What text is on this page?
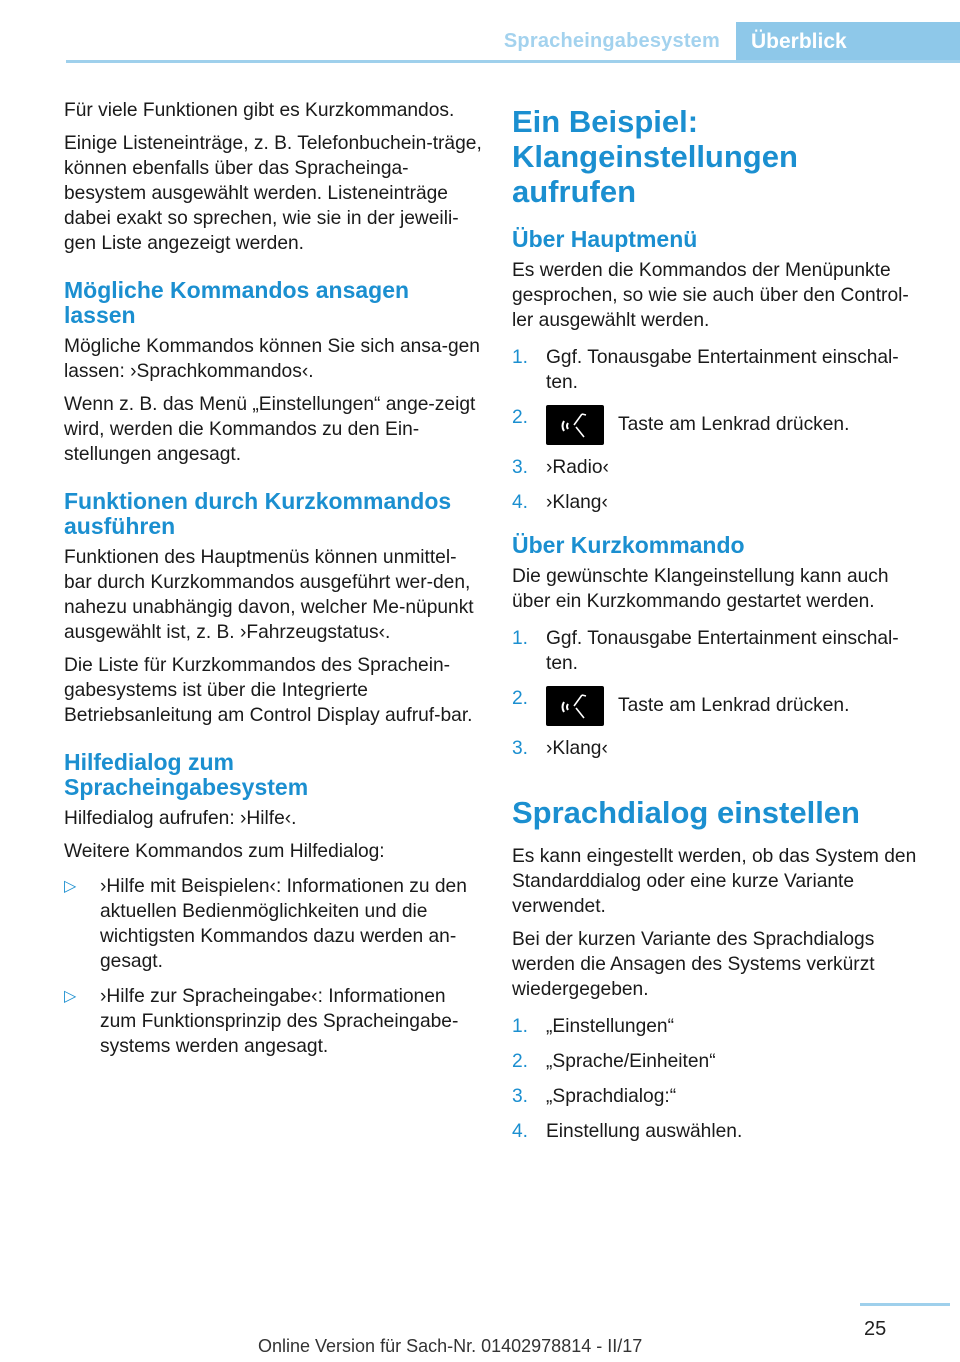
Spracheingabesystem	Überblick

Für viele Funktionen gibt es Kurzkommandos.

Einige Listeneinträge, z. B. Telefonbuchein-träge, können ebenfalls über das Spracheinga-besystem ausgewählt werden. Listeneinträge dabei exakt so sprechen, wie sie in der jeweili-gen Liste angezeigt werden.

Mögliche Kommandos ansagen lassen

Mögliche Kommandos können Sie sich ansa-gen lassen: ›Sprachkommandos‹.

Wenn z. B. das Menü „Einstellungen“ ange-zeigt wird, werden die Kommandos zu den Ein-stellungen angesagt.

Funktionen durch Kurzkommandos ausführen

Funktionen des Hauptmenüs können unmittel-bar durch Kurzkommandos ausgeführt wer-den, nahezu unabhängig davon, welcher Me-nüpunkt ausgewählt ist, z. B. ›Fahrzeugstatus‹.

Die Liste für Kurzkommandos des Sprachein-gabesystems ist über die Integrierte Betriebsanleitung am Control Display aufruf-bar.

Hilfedialog zum Spracheingabesystem

Hilfedialog aufrufen: ›Hilfe‹.

Weitere Kommandos zum Hilfedialog:

▷ ›Hilfe mit Beispielen‹: Informationen zu den aktuellen Bedienmöglichkeiten und die wichtigsten Kommandos dazu werden an-gesagt.
▷ ›Hilfe zur Spracheingabe‹: Informationen zum Funktionsprinzip des Spracheingabe-systems werden angesagt.
Ein Beispiel: Klangeinstellungen aufrufen
Über Hauptmenü

Es werden die Kommandos der Menüpunkte gesprochen, so wie sie auch über den Control-ler ausgewählt werden.

1. Ggf. Tonausgabe Entertainment einschal-ten.
2.	Taste am Lenkrad drücken.
3. ›Radio‹
4. ›Klang‹
Über Kurzkommando

Die gewünschte Klangeinstellung kann auch über ein Kurzkommando gestartet werden.

1. Ggf. Tonausgabe Entertainment einschal-ten.
2.	Taste am Lenkrad drücken.
3. ›Klang‹
Sprachdialog einstellen

Es kann eingestellt werden, ob das System den Standarddialog oder eine kurze Variante verwendet.

Bei der kurzen Variante des Sprachdialogs werden die Ansagen des Systems verkürzt wiedergegeben.

1. „Einstellungen“
2. „Sprache/Einheiten“
3. „Sprachdialog:“
4. Einstellung auswählen.
25
Online Version für Sach-Nr. 01402978814 - II/17
